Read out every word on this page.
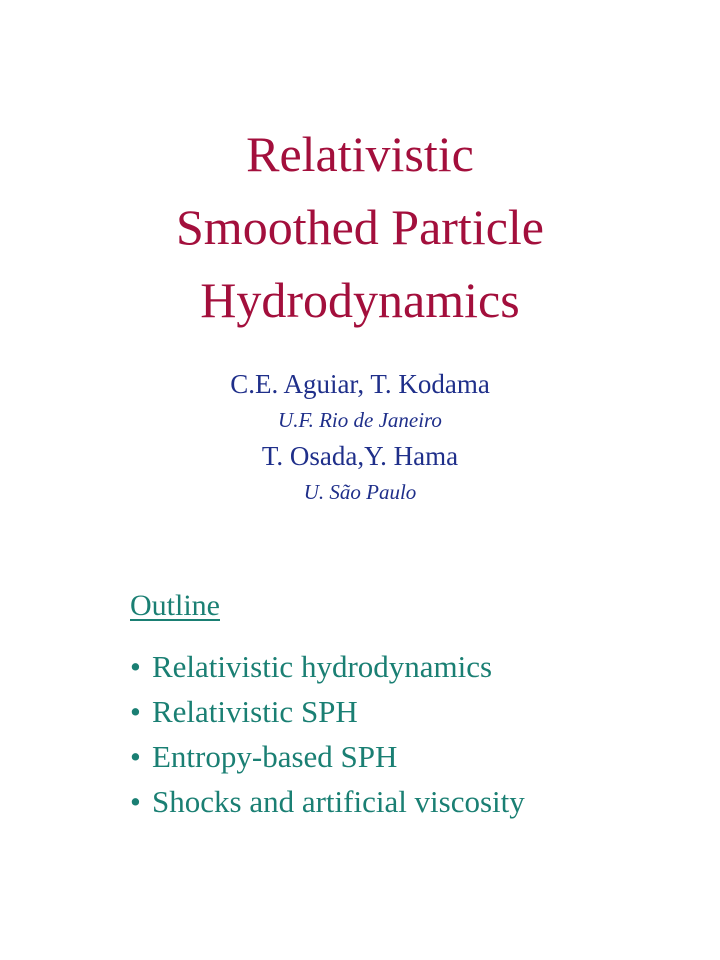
Relativistic
Smoothed Particle
Hydrodynamics
C.E. Aguiar, T. Kodama
U.F. Rio de Janeiro
T. Osada,Y. Hama
U. São Paulo
Outline
• Relativistic hydrodynamics
• Relativistic SPH
• Entropy-based SPH
• Shocks and artificial viscosity
